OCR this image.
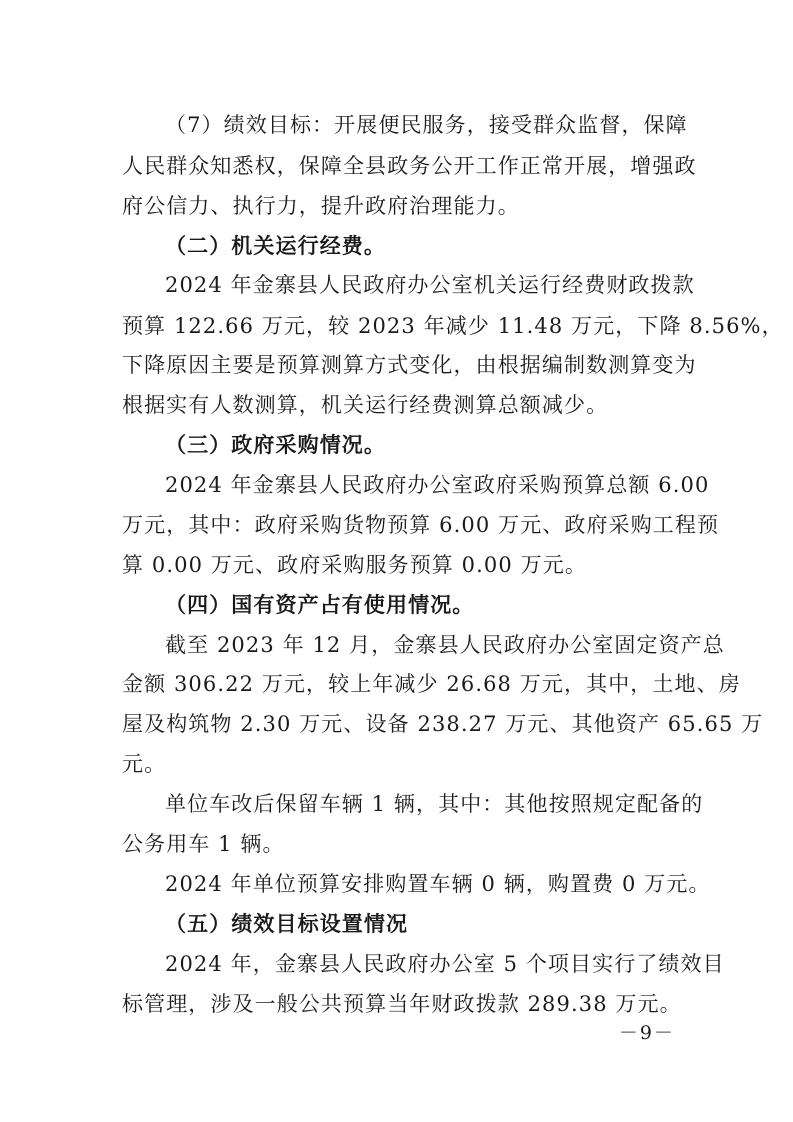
（7）绩效目标：开展便民服务，接受群众监督，保障
人民群众知悉权，保障全县政务公开工作正常开展，增强政
府公信力、执行力，提升政府治理能力。
（二）机关运行经费。
2024 年金寨县人民政府办公室机关运行经费财政拨款
预算 122.66 万元，较 2023 年减少 11.48 万元，下降 8.56%，
下降原因主要是预算测算方式变化，由根据编制数测算变为
根据实有人数测算，机关运行经费测算总额减少。
（三）政府采购情况。
2024 年金寨县人民政府办公室政府采购预算总额 6.00
万元，其中：政府采购货物预算 6.00 万元、政府采购工程预
算 0.00 万元、政府采购服务预算 0.00 万元。
（四）国有资产占有使用情况。
截至 2023 年 12 月，金寨县人民政府办公室固定资产总
金额 306.22 万元，较上年减少 26.68 万元，其中，土地、房
屋及构筑物 2.30 万元、设备 238.27 万元、其他资产 65.65 万
元。
单位车改后保留车辆 1 辆，其中：其他按照规定配备的
公务用车 1 辆。
2024 年单位预算安排购置车辆 0 辆，购置费 0 万元。
（五）绩效目标设置情况
2024 年，金寨县人民政府办公室 5 个项目实行了绩效目
标管理，涉及一般公共预算当年财政拨款 289.38 万元。
－9－
